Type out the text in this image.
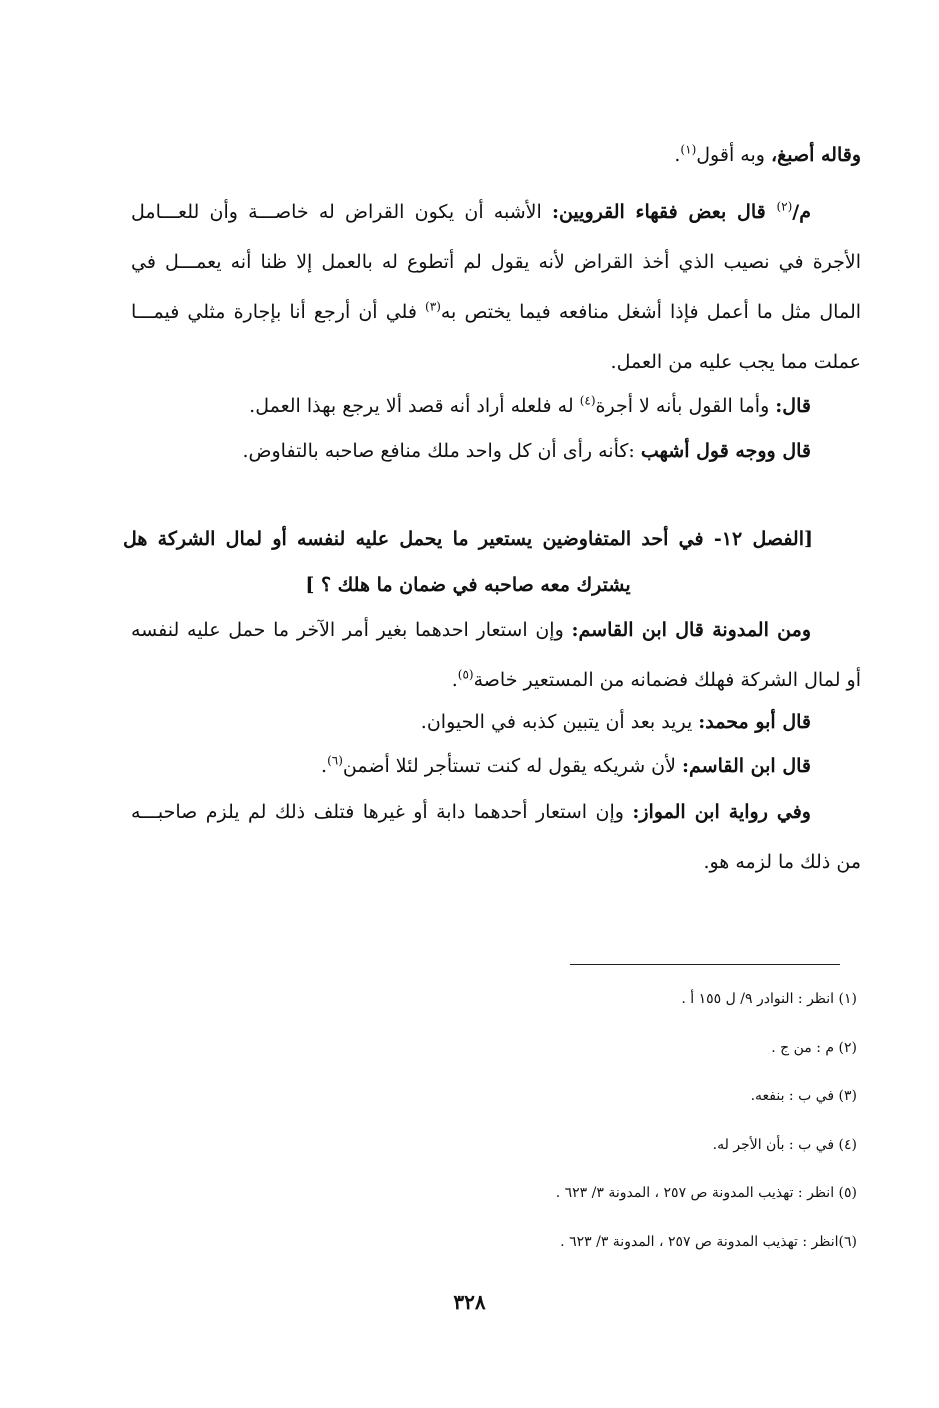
وقاله أصبغ، وبه أقول$^{(١)}$.
م/$^{(٢)}$ قال بعض فقهاء القرويين: الأشبه أن يكون القراض له خاصـــة وأن للعـــامل
الأجرة في نصيب الذي أخذ القراض لأنه يقول لم أتطوع له بالعمل إلا ظنا أنه يعمـــل في
المال مثل ما أعمل فإذا أشغل منافعه فيما يختص به$^{(٣)}$ فلي أن أرجع أنا بإجارة مثلي فيمـــا
عملت مما يجب عليه من العمل.
قال: وأما القول بأنه لا أجرة$^{(٤)}$ له فلعله أراد أنه قصد ألا يرجع بهذا العمل.
قال ووجه قول أشهب :كأنه رأى أن كل واحد ملك منافع صاحبه بالتفاوض.
[الفصل ١٢- في أحد المتفاوضين يستعير ما يحمل عليه لنفسه أو لمال الشركة هل
يشترك معه صاحبه في ضمان ما هلك ؟ ]
ومن المدونة قال ابن القاسم: وإن استعار احدهما بغير أمر الآخر ما حمل عليه لنفسه
أو لمال الشركة فهلك فضمانه من المستعير خاصة$^{(٥)}$.
قال أبو محمد: يريد بعد أن يتبين كذبه في الحيوان.
قال ابن القاسم: لأن شريكه يقول له كنت تستأجر لئلا أضمن$^{(٦)}$.
وفي رواية ابن المواز: وإن استعار أحدهما دابة أو غيرها فتلف ذلك لم يلزم صاحبـــه
من ذلك ما لزمه هو.
(١) انظر : النوادر ٩/ ل ١٥٥ أ .
(٢) م : من ج .
(٣) في ب : بنفعه.
(٤) في ب : بأن الأجر له.
(٥) انظر : تهذيب المدونة ص ٢٥٧ ، المدونة ٣/ ٦٢٣ .
(٦)انظر : تهذيب المدونة ص ٢٥٧ ، المدونة ٣/ ٦٢٣ .
٣٢٨
